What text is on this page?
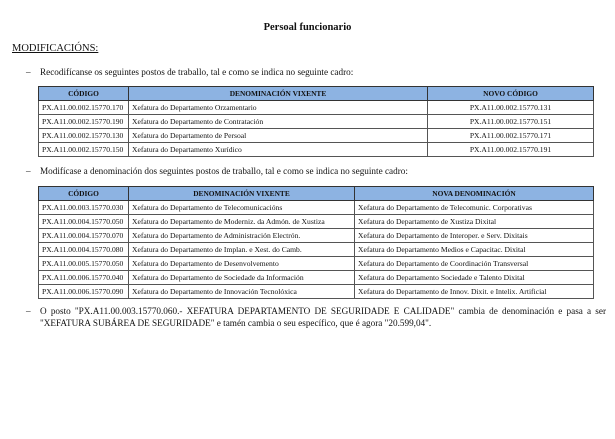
Persoal funcionario
MODIFICACIÓNS:
–	Recodifícanse os seguintes postos de traballo, tal e como se indica no seguinte cadro:
CÓDIGO	DENOMINACIÓN VIXENTE	NOVO CÓDIGO
PX.A11.00.002.15770.170	Xefatura do Departamento Orzamentario	PX.A11.00.002.15770.131
PX.A11.00.002.15770.190	Xefatura do Departamento de Contratación	PX.A11.00.002.15770.151
PX.A11.00.002.15770.130	Xefatura do Departamento de Persoal	PX.A11.00.002.15770.171
PX.A11.00.002.15770.150	Xefatura do Departamento Xurídico	PX.A11.00.002.15770.191
–	Modifícase a denominación dos seguintes postos de traballo, tal e como se indica no seguinte cadro:
CÓDIGO	DENOMINACIÓN VIXENTE	NOVA DENOMINACIÓN
PX.A11.00.003.15770.030	Xefatura do Departamento de Telecomunicacións	Xefatura do Departamento de Telecomunic. Corporativas
PX.A11.00.004.15770.050	Xefatura do Departamento de Moderniz. da Admón. de Xustiza	Xefatura do Departamento de Xustiza Dixital
PX.A11.00.004.15770.070	Xefatura do Departamento de Administración Electrón.	Xefatura do Departamento de Interoper. e Serv. Dixitais
PX.A11.00.004.15770.080	Xefatura do Departamento de Implan. e Xest. do Camb.	Xefatura do Departamento Medios e Capacitac. Dixital
PX.A11.00.005.15770.050	Xefatura do Departamento de Desenvolvemento	Xefatura do Departamento de Coordinación Transversal
PX.A11.00.006.15770.040	Xefatura do Departamento de Sociedade da Información	Xefatura do Departamento Sociedade e Talento Dixital
PX.A11.00.006.15770.090	Xefatura do Departamento de Innovación Tecnolóxica	Xefatura do Departamento de Innov. Dixit. e Intelix. Artificial
–	O posto "PX.A11.00.003.15770.060.- XEFATURA DEPARTAMENTO DE SEGURIDADE E CALIDADE" cambia de denominación e pasa a ser "XEFATURA SUBÁREA DE SEGURIDADE" e tamén cambia o seu específico, que é agora "20.599,04".
